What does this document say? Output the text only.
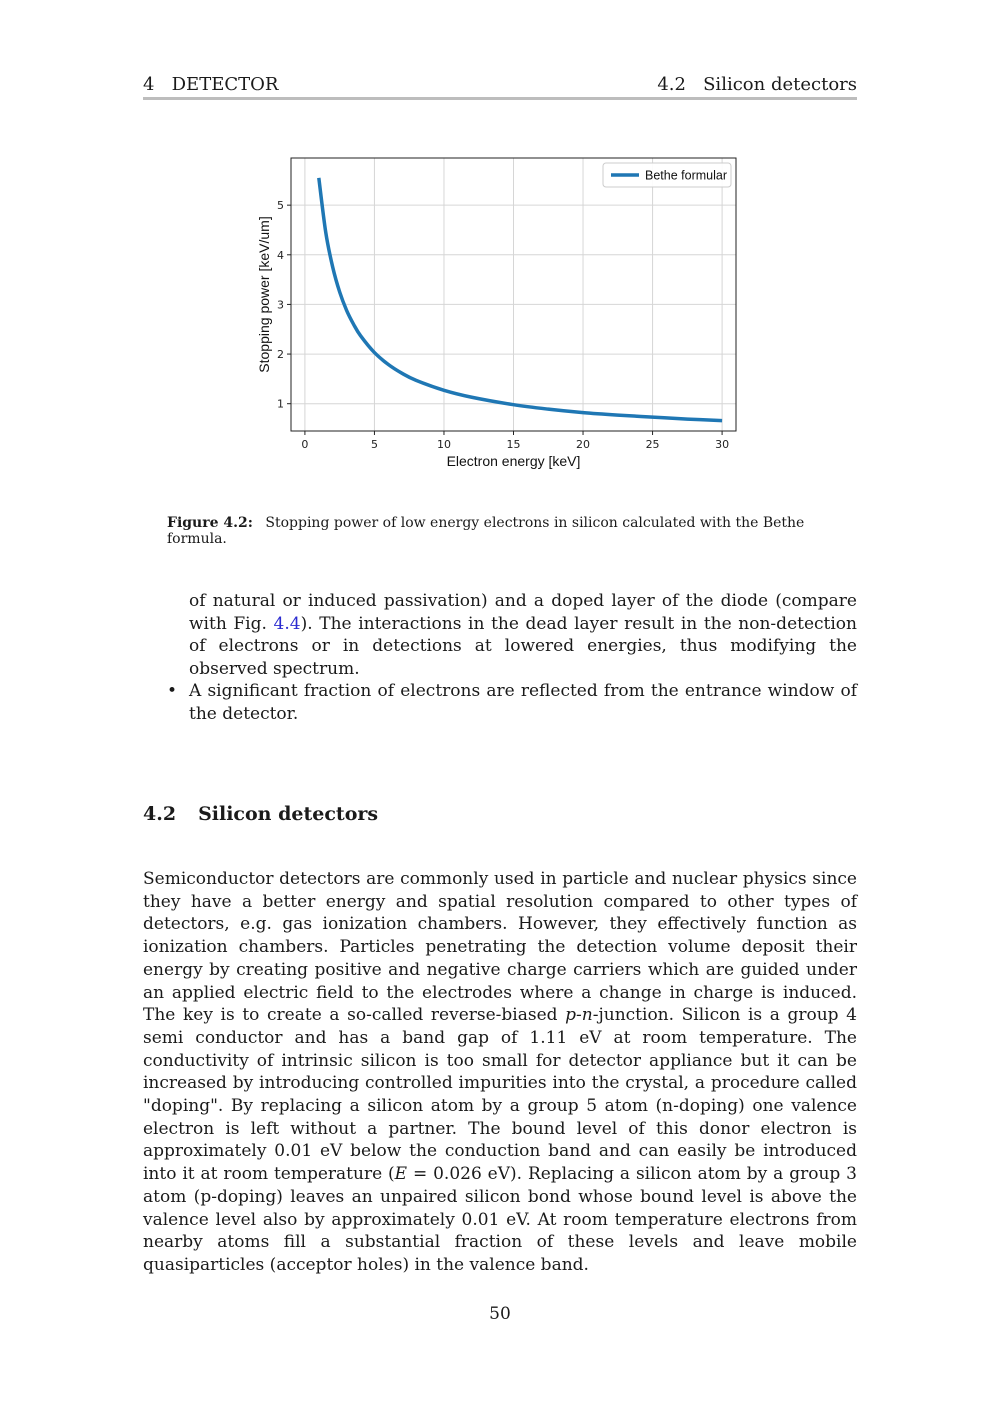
4   DETECTOR	4.2   Silicon detectors
0	5	10	15	20	25	30
1
2
3
4
5
Bethe formular
Electron energy [keV]
Stopping power [keV/um]
Figure 4.2: Stopping power of low energy electrons in silicon calculated with the Bethe formula.
of natural or induced passivation) and a doped layer of the diode (compare with Fig. 4.4). The interactions in the dead layer result in the non-detection of electrons or in detections at lowered energies, thus modifying the observed spectrum.
• A significant fraction of electrons are reflected from the entrance window of the detector.
4.2 Silicon detectors
Semiconductor detectors are commonly used in particle and nuclear physics since they have a better energy and spatial resolution compared to other types of detectors, e.g. gas ionization chambers. However, they effectively function as ionization chambers. Particles penetrating the detection volume deposit their energy by creating positive and negative charge carriers which are guided under an applied electric field to the electrodes where a change in charge is induced. The key is to create a so-called reverse-biased p-n-junction. Silicon is a group 4 semi conductor and has a band gap of 1.11 eV at room temperature. The conductivity of intrinsic silicon is too small for detector appliance but it can be increased by introducing controlled impurities into the crystal, a procedure called "doping". By replacing a silicon atom by a group 5 atom (n-doping) one valence electron is left without a partner. The bound level of this donor electron is approximately 0.01 eV below the conduction band and can easily be introduced into it at room temperature (E = 0.026 eV). Replacing a silicon atom by a group 3 atom (p-doping) leaves an unpaired silicon bond whose bound level is above the valence level also by approximately 0.01 eV. At room temperature electrons from nearby atoms fill a substantial fraction of these levels and leave mobile quasiparticles (acceptor holes) in the valence band.
50
